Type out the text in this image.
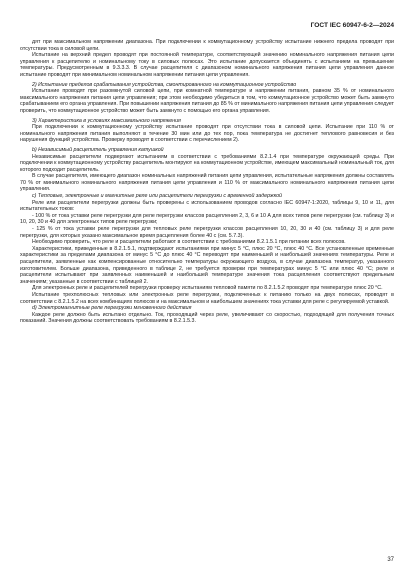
ГОСТ IEC 60947-6-2—2024

дят при максимальном напряжении диапазона. При подключении к коммутационному устройству испытание нижнего предела проводят при отсутствии тока в силовой цепи.

Испытание на верхний предел проводят при постоянной температуре, соответствующей значению номинального напряжения питания цепи управления к расцепителю и номинальному току в силовых полюсах. Это испытание допускается объединять с испытанием на превышение температуры. Предусмотренным в 9.3.3.3. В случае расцепителя с диапазоном номинального напряжения питания цепи управления данное испытание проводят при минимальном номинальном напряжении питания цепи управления.

2) Испытание пределов срабатывания устройства, смонтированного на коммутационное устройство

Испытание проводят при разомкнутой силовой цепи, при комнатной температуре и напряжении питания, равном 35 % от номинального максимального напряжения питания цепи управления; при этом необходимо убедиться в том, что коммутационное устройство может быть замкнуто срабатыванием его органа управления. При повышении напряжения питания до 85 % от минимального напряжения питания цепи управления следует проверить, что коммутационное устройство может быть замкнуто с помощью его органа управления.

3) Характеристика в условиях максимального напряжения

При подключении к коммутационному устройству испытание проводят при отсутствии тока в силовой цепи. Испытание при 110 % от номинального напряжения питания выполняют в течение 30 мин или до тех пор, пока температура не достигнет теплового равновесия и без нарушения функций устройства. Проверку проводят в соответствии с перечислением 2).

b) Независимый расцепитель управления катушкой

Независимые расцепители подвергают испытаниям в соответствии с требованиями 8.2.1.4 при температуре окружающей среды. При подключении к коммутационному устройству расцепитель монтируют на коммутационном устройстве, имеющем максимальный номинальный ток, для которого подходит расцепитель.

В случае расцепителя, имеющего диапазон номинальных напряжений питания цепи управления, испытательные напряжения должны составлять 70 % от минимального номинального напряжения питания цепи управления и 110 % от максимального номинального напряжения питания цепи управления.

c) Тепловые, электронные и магнитные реле или расцепители перегрузки с временной задержкой

Реле или расцепители перегрузки должны быть проверены с использованием проводов согласно IEC 60947-1:2020, таблицы 9, 10 и 11, для испытательных токов:

- 100 % от тока уставки реле перегрузки для реле перегрузки классов расцепления 2, 3, 6 и 10 А для всех типов реле перегрузки (см. таблицу 3) и 10, 20, 30 и 40 для электронных типов реле перегрузки;

- 125 % от тока уставки реле перегрузки для тепловых реле перегрузки классов расцепления 10, 20, 30 и 40 (см. таблицу 3) и для реле перегрузки, для которых указано максимальное время расцепления более 40 с (см. 5.7.3).

Необходимо проверить, что реле и расцепители работают в соответствии с требованиями 8.2.1.5.1 при питании всех полюсов.

Характеристики, приведенные в 8.2.1.5.1, подтверждают испытаниями при минус 5 °С, плюс 20 °С, плюс 40 °С. Все установленные временные характеристики за пределами диапазона от минус 5 °С до плюс 40 °С переводят при наименьшей и наибольшей значениях температуры. Реле и расцепители, заявленные как компенсированные относительно температуры окружающего воздуха, в случае диапазона температур, указанного изготовителем. Больше диапазона, приведенного в таблице 2, не требуется проверки при температурах минус 5 °С или плюс 40 °С; реле и расцепители испытывают при заявленных наименьшей и наибольшей температуре значения тока расцепления соответствуют предельным значениям; указанные в соответствии с таблицей 2.

Для электронных реле и расцепителей перегрузки проверку испытаниям тепловой памяти по 8.2.1.5.2 проводят при температуре плюс 20 °С.

Испытание трехполюсных тепловых или электронных реле перегрузки, подключенных к питанию только на двух полюсах, проводят в соответствии с 8.2.1.5.2 на всех комбинациях полюсов и на максимальном и наибольшем значениях тока уставки для реле с регулируемой уставкой.

d) Электромагнитные реле перегрузки мгновенного действия

Каждое реле должно быть испытано отдельно. Ток, проходящий через реле, увеличивают со скоростью, подходящей для получения точных показаний. Значения должны соответствовать требованиям в 8.2.1.5.3.

37
